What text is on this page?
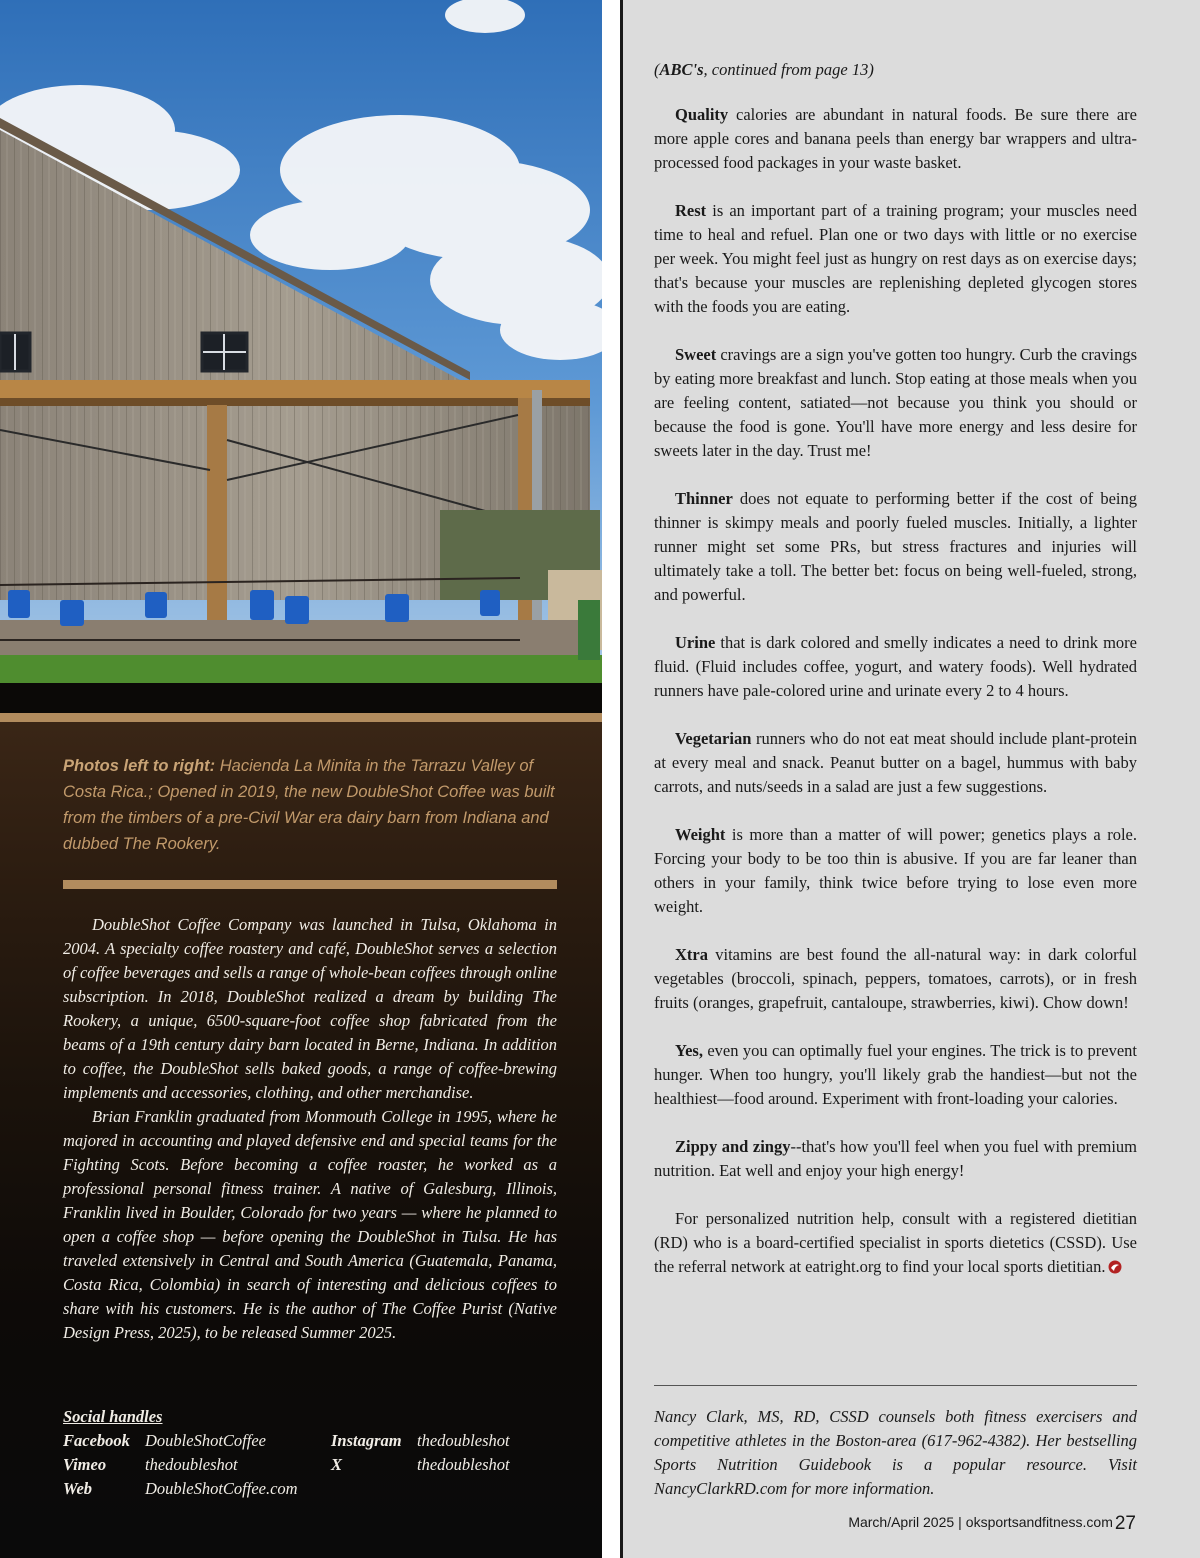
Photos left to right: Hacienda La Minita in the Tarrazu Valley of Costa Rica.; Opened in 2019, the new DoubleShot Coffee was built from the timbers of a pre-Civil War era dairy barn from Indiana and dubbed The Rookery.

DoubleShot Coffee Company was launched in Tulsa, Oklahoma in 2004. A specialty coffee roastery and café, DoubleShot serves a selection of coffee beverages and sells a range of whole-bean coffees through online subscription. In 2018, DoubleShot realized a dream by building The Rookery, a unique, 6500-square-foot coffee shop fabricated from the beams of a 19th century dairy barn located in Berne, Indiana. In addition to coffee, the DoubleShot sells baked goods, a range of coffee-brewing implements and accessories, clothing, and other merchandise.

Brian Franklin graduated from Monmouth College in 1995, where he majored in accounting and played defensive end and special teams for the Fighting Scots. Before becoming a coffee roaster, he worked as a professional personal fitness trainer. A native of Galesburg, Illinois, Franklin lived in Boulder, Colorado for two years — where he planned to open a coffee shop — before opening the DoubleShot in Tulsa. He has traveled extensively in Central and South America (Guatemala, Panama, Costa Rica, Colombia) in search of interesting and delicious coffees to share with his customers. He is the author of The Coffee Purist (Native Design Press, 2025), to be released Summer 2025.

Social handles
Facebook DoubleShotCoffee	Instagram thedoubleshot
Vimeo thedoubleshot	X	thedoubleshot
Web	DoubleShotCoffee.com
(ABC's, continued from page 13)

Quality calories are abundant in natural foods. Be sure there are more apple cores and banana peels than energy bar wrappers and ultra-processed food packages in your waste basket.

Rest is an important part of a training program; your muscles need time to heal and refuel. Plan one or two days with little or no exercise per week. You might feel just as hungry on rest days as on exercise days; that's because your muscles are replenishing depleted glycogen stores with the foods you are eating.

Sweet cravings are a sign you've gotten too hungry. Curb the cravings by eating more breakfast and lunch. Stop eating at those meals when you are feeling content, satiated—not because you think you should or because the food is gone. You'll have more energy and less desire for sweets later in the day. Trust me!

Thinner does not equate to performing better if the cost of being thinner is skimpy meals and poorly fueled muscles. Initially, a lighter runner might set some PRs, but stress fractures and injuries will ultimately take a toll. The better bet: focus on being well-fueled, strong, and powerful.

Urine that is dark colored and smelly indicates a need to drink more fluid. (Fluid includes coffee, yogurt, and watery foods). Well hydrated runners have pale-colored urine and urinate every 2 to 4 hours.

Vegetarian runners who do not eat meat should include plant-protein at every meal and snack. Peanut butter on a bagel, hummus with baby carrots, and nuts/seeds in a salad are just a few suggestions.

Weight is more than a matter of will power; genetics plays a role. Forcing your body to be too thin is abusive. If you are far leaner than others in your family, think twice before trying to lose even more weight.

Xtra vitamins are best found the all-natural way: in dark colorful vegetables (broccoli, spinach, peppers, tomatoes, carrots), or in fresh fruits (oranges, grapefruit, cantaloupe, strawberries, kiwi). Chow down!

Yes, even you can optimally fuel your engines. The trick is to prevent hunger. When too hungry, you'll likely grab the handiest—but not the healthiest—food around. Experiment with front-loading your calories.

Zippy and zingy--that's how you'll feel when you fuel with premium nutrition. Eat well and enjoy your high energy!

For personalized nutrition help, consult with a registered dietitian (RD) who is a board-certified specialist in sports dietetics (CSSD). Use the referral network at eatright.org to find your local sports dietitian.

Nancy Clark, MS, RD, CSSD counsels both fitness exercisers and competitive athletes in the Boston-area (617-962-4382). Her bestselling Sports Nutrition Guidebook is a popular resource. Visit NancyClarkRD.com for more information.

March/April 2025 | oksportsandfitness.com 27
